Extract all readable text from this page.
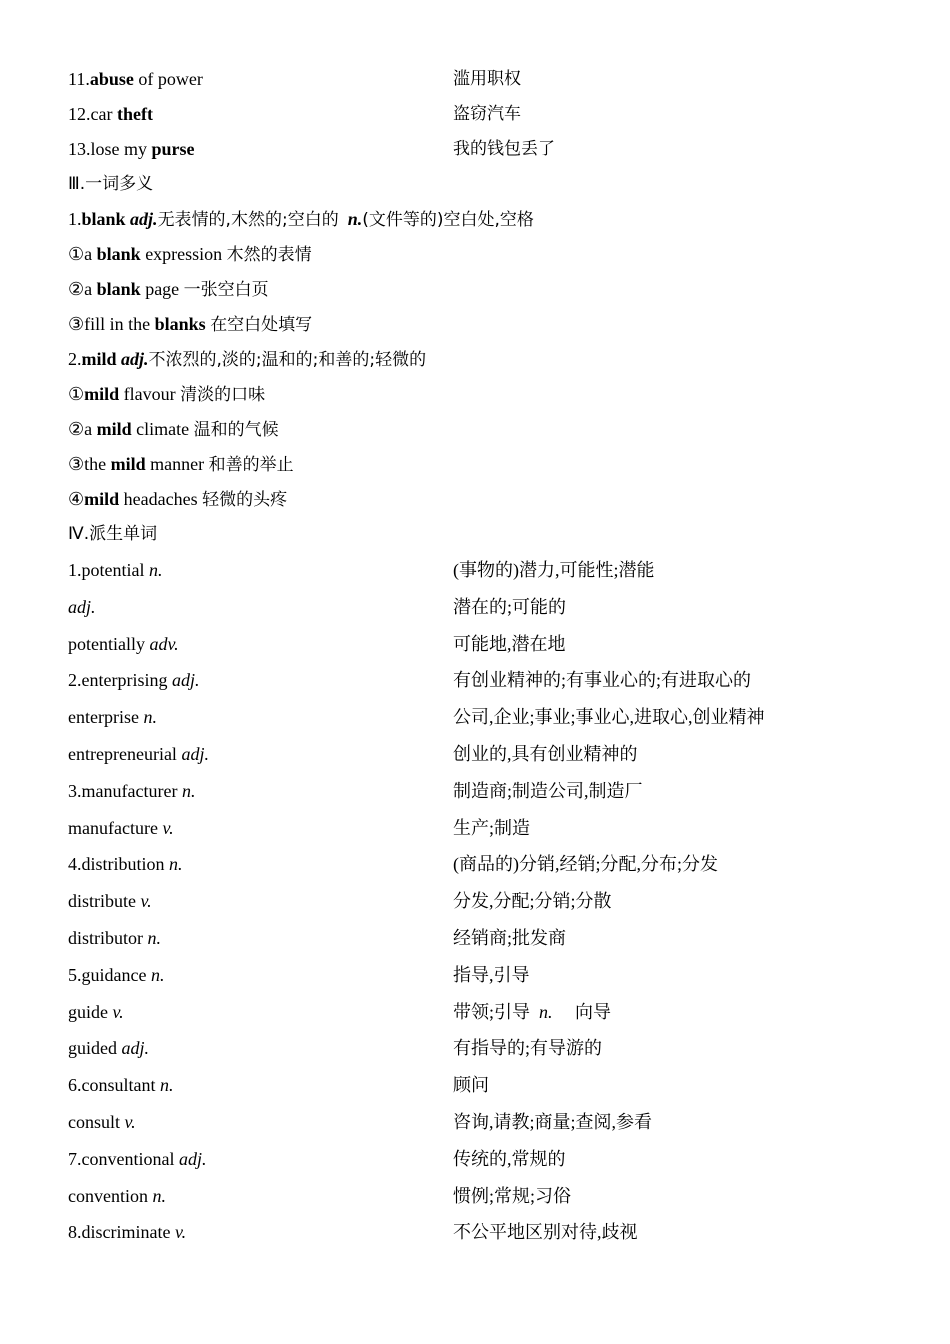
11.abuse of power	滥用职权
12.car theft	盗窃汽车
13.lose my purse	我的钱包丢了
Ⅲ.一词多义
1.blank adj.无表情的,木然的;空白的 n.(文件等的)空白处,空格
①a blank expression 木然的表情
②a blank page 一张空白页
③fill in the blanks 在空白处填写
2.mild adj.不浓烈的,淡的;温和的;和善的;轻微的
①mild flavour 清淡的口味
②a mild climate 温和的气候
③the mild manner 和善的举止
④mild headaches 轻微的头疼
Ⅳ.派生单词
1.potential n.	(事物的)潜力,可能性;潜能
adj.	潜在的;可能的
potentially adv.	可能地,潜在地
2.enterprising adj.	有创业精神的;有事业心的;有进取心的
enterprise n.	公司,企业;事业;事业心,进取心,创业精神
entrepreneurial adj.	创业的,具有创业精神的
3.manufacturer n.	制造商;制造公司,制造厂
manufacture v.	生产;制造
4.distribution n.	(商品的)分销,经销;分配,分布;分发
distribute v.	分发,分配;分销;分散
distributor n.	经销商;批发商
5.guidance n.	指导,引导
guide v.	带领;引导 n. 向导
guided adj.	有指导的;有导游的
6.consultant n.	顾问
consult v.	咨询,请教;商量;查阅,参看
7.conventional adj.	传统的,常规的
convention n.	惯例;常规;习俗
8.discriminate v.	不公平地区别对待,歧视
